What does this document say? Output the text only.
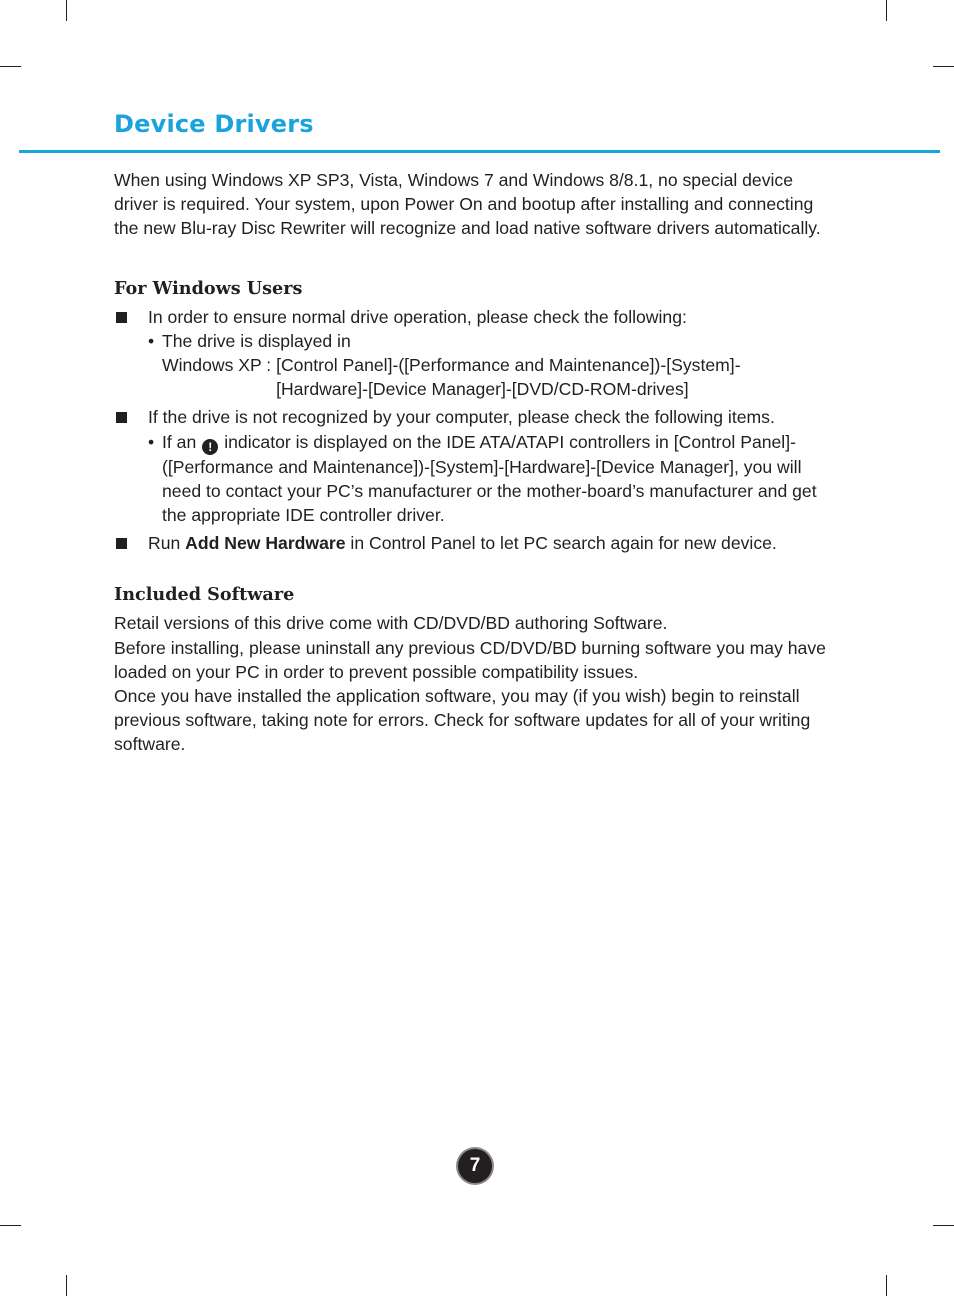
Device Drivers

When using Windows XP SP3, Vista, Windows 7 and Windows 8/8.1, no special device driver is required. Your system, upon Power On and bootup after installing and connecting the new Blu-ray Disc Rewriter will recognize and load native software drivers automatically.

For Windows Users

In order to ensure normal drive operation, please check the following:

• The drive is displayed in

Windows XP : [Control Panel]-([Performance and Maintenance])-[System]-
[Hardware]-[Device Manager]-[DVD/CD-ROM-drives]

If the drive is not recognized by your computer, please check the following items.

• If an ! indicator is displayed on the IDE ATA/ATAPI controllers in [Control Panel]-([Performance and Maintenance])-[System]-[Hardware]-[Device Manager], you will need to contact your PC’s manufacturer or the mother-board’s manufacturer and get the appropriate IDE controller driver.

Run Add New Hardware in Control Panel to let PC search again for new device.

Included Software

Retail versions of this drive come with CD/DVD/BD authoring Software.

Before installing, please uninstall any previous CD/DVD/BD burning software you may have loaded on your PC in order to prevent possible compatibility issues.

Once you have installed the application software, you may (if you wish) begin to reinstall previous software, taking note for errors. Check for software updates for all of your writing software.

7
